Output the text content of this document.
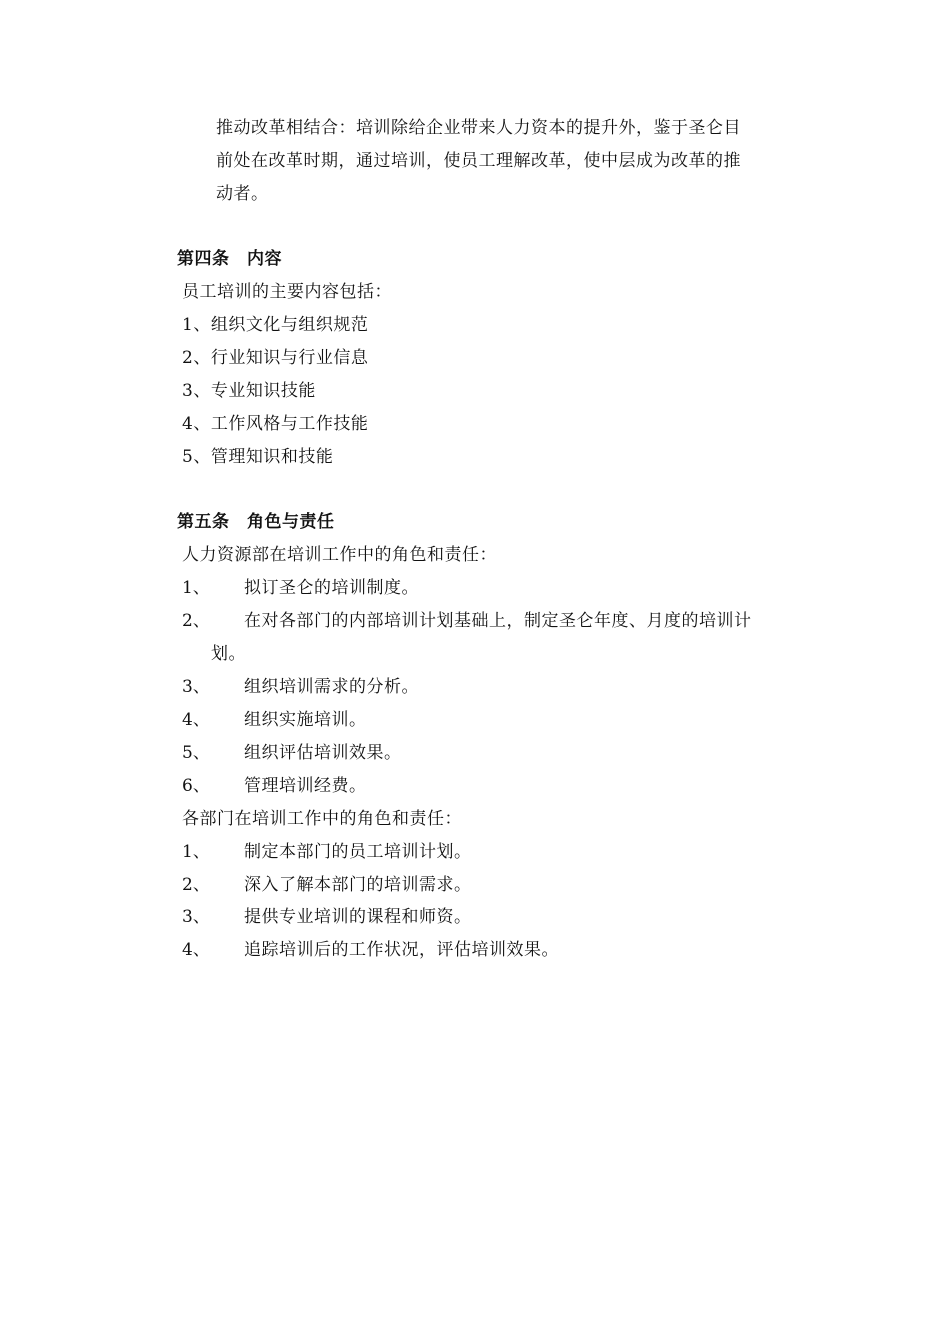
推动改革相结合：培训除给企业带来人力资本的提升外，鉴于圣仑目
前处在改革时期，通过培训，使员工理解改革，使中层成为改革的推
动者。
第四条　内容
员工培训的主要内容包括：
1、组织文化与组织规范
2、行业知识与行业信息
3、专业知识技能
4、工作风格与工作技能
5、管理知识和技能
第五条　角色与责任
人力资源部在培训工作中的角色和责任：
1、 拟订圣仑的培训制度。
2、 在对各部门的内部培训计划基础上，制定圣仑年度、月度的培训计
划。
3、 组织培训需求的分析。
4、 组织实施培训。
5、 组织评估培训效果。
6、 管理培训经费。
各部门在培训工作中的角色和责任：
1、 制定本部门的员工培训计划。
2、 深入了解本部门的培训需求。
3、 提供专业培训的课程和师资。
4、 追踪培训后的工作状况，评估培训效果。
